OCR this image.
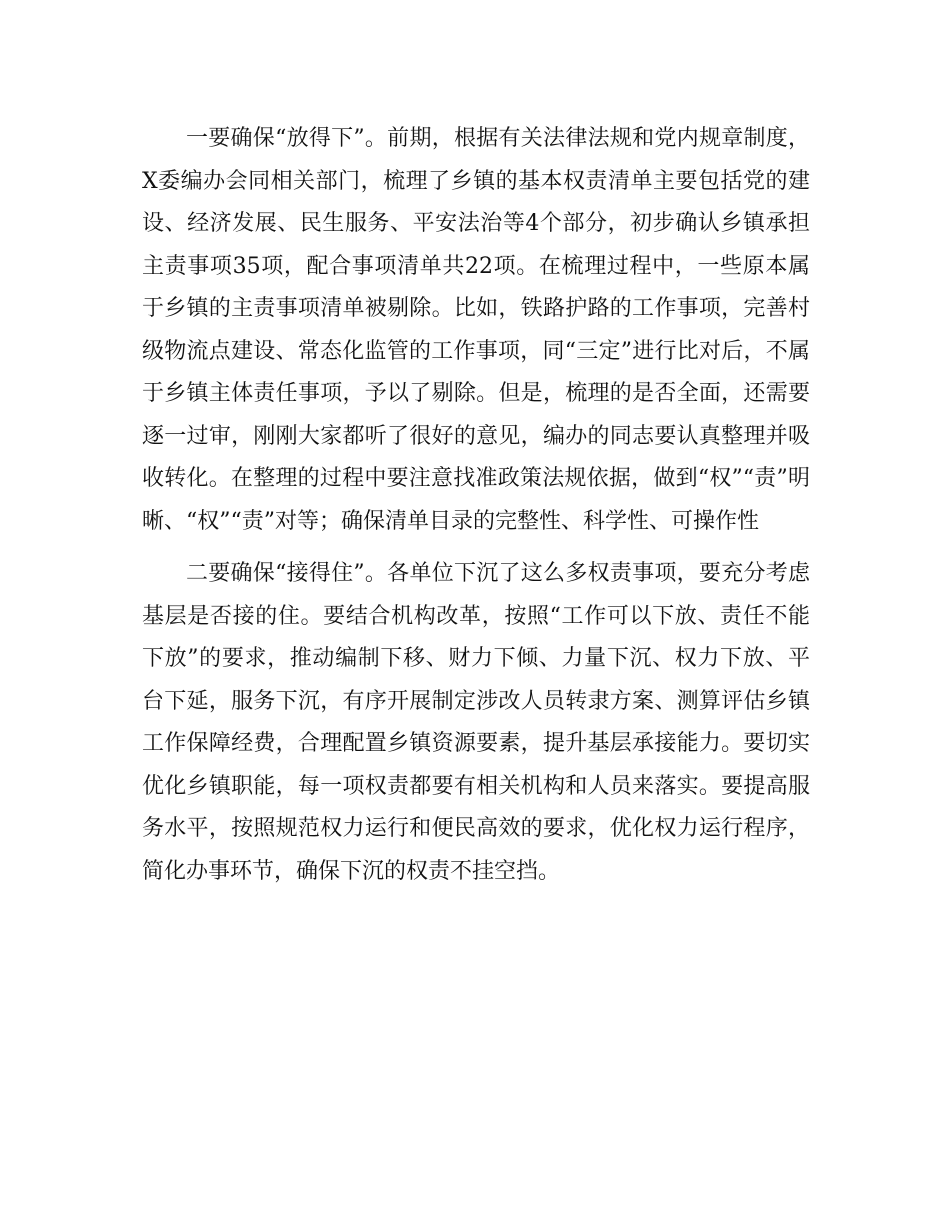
一要确保“放得下”。前期，根据有关法律法规和党内规章制度，X委编办会同相关部门，梳理了乡镇的基本权责清单主要包括党的建设、经济发展、民生服务、平安法治等4个部分，初步确认乡镇承担主责事项35项，配合事项清单共22项。在梳理过程中，一些原本属于乡镇的主责事项清单被剔除。比如，铁路护路的工作事项，完善村级物流点建设、常态化监管的工作事项，同“三定”进行比对后，不属于乡镇主体责任事项，予以了剔除。但是，梳理的是否全面，还需要逐一过审，刚刚大家都听了很好的意见，编办的同志要认真整理并吸收转化。在整理的过程中要注意找准政策法规依据，做到“权”“责”明晰、“权”“责”对等；确保清单目录的完整性、科学性、可操作性

二要确保“接得住”。各单位下沉了这么多权责事项，要充分考虑基层是否接的住。要结合机构改革，按照“工作可以下放、责任不能下放”的要求，推动编制下移、财力下倾、力量下沉、权力下放、平台下延，服务下沉，有序开展制定涉改人员转隶方案、测算评估乡镇工作保障经费，合理配置乡镇资源要素，提升基层承接能力。要切实优化乡镇职能，每一项权责都要有相关机构和人员来落实。要提高服务水平，按照规范权力运行和便民高效的要求，优化权力运行程序，简化办事环节，确保下沉的权责不挂空挡。
